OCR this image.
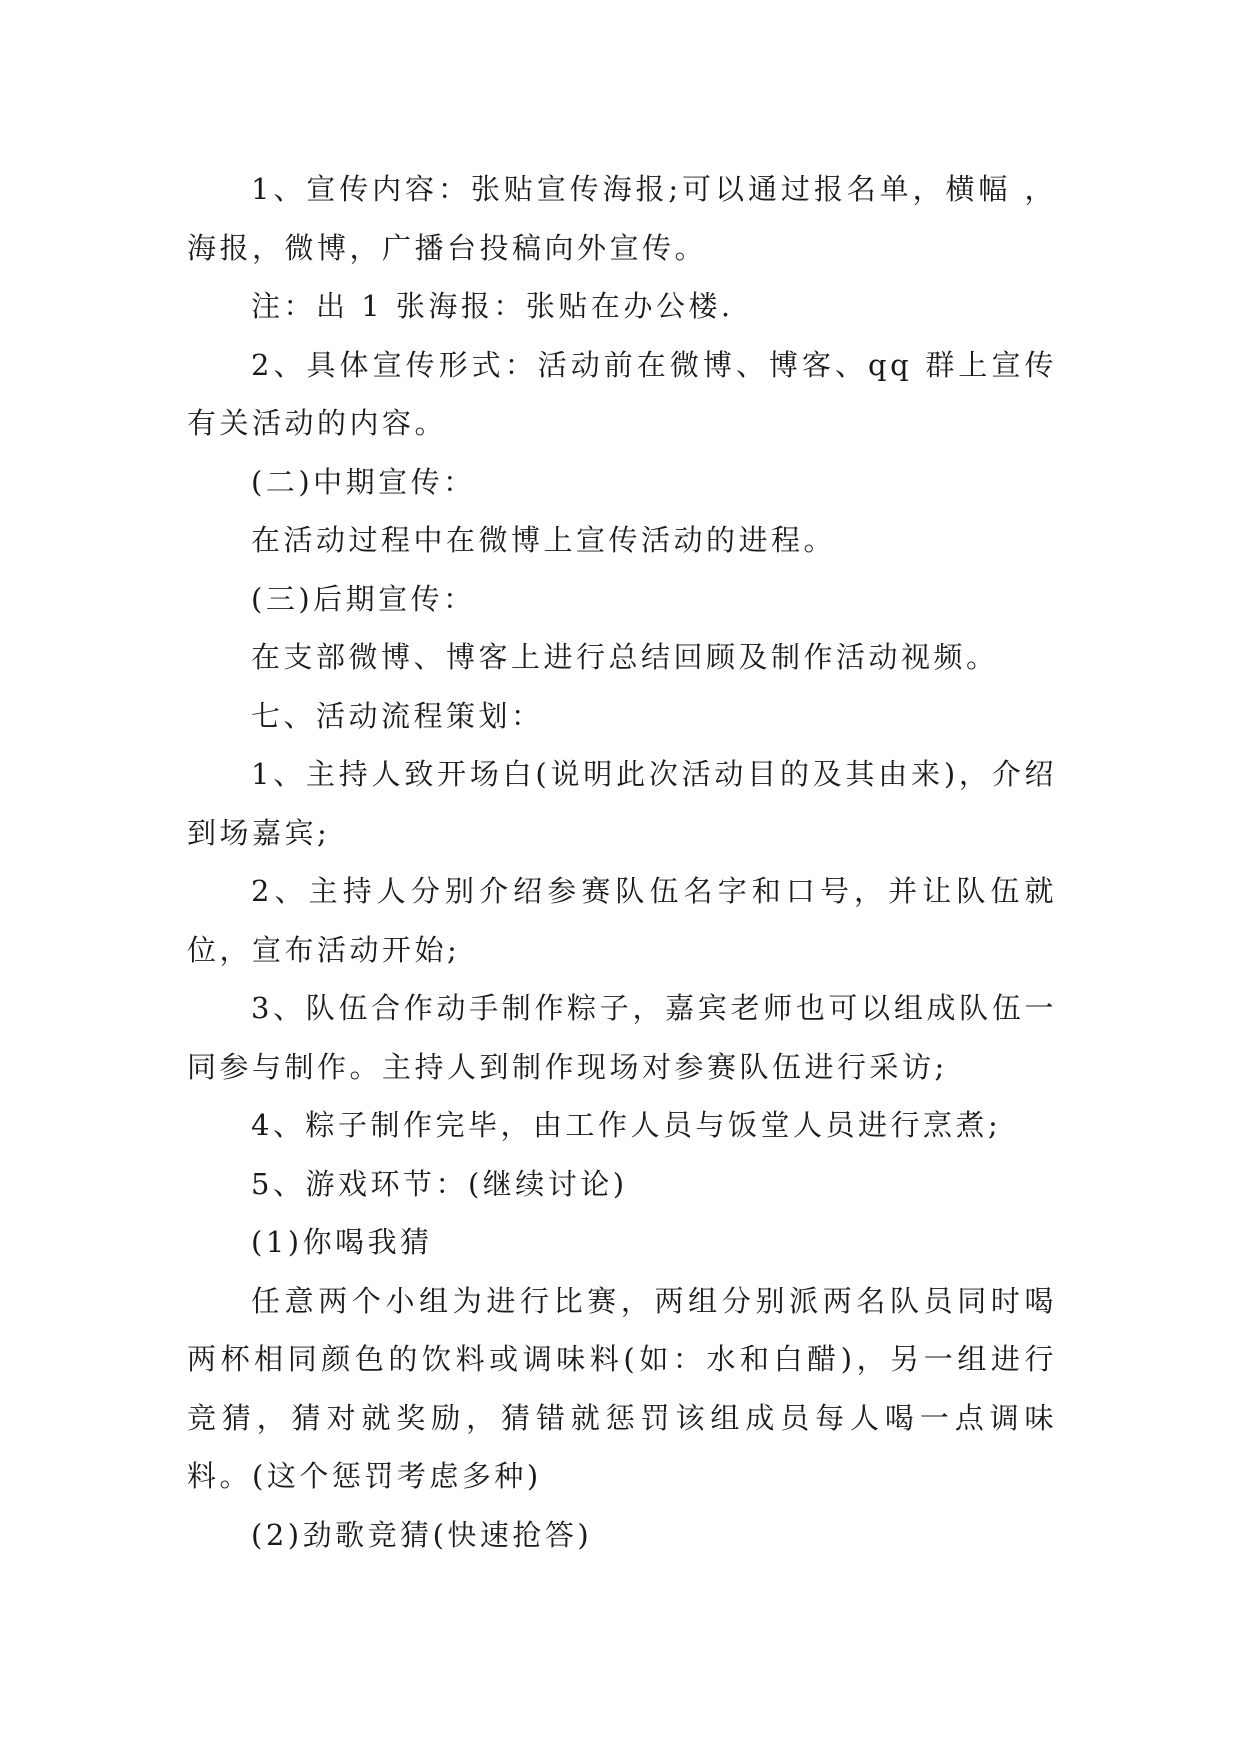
1、宣传内容：张贴宣传海报;可以通过报名单，横幅 ，海报，微博，广播台投稿向外宣传。

注：出 1 张海报：张贴在办公楼.

2、具体宣传形式：活动前在微博、博客、qq 群上宣传有关活动的内容。

(二)中期宣传：

在活动过程中在微博上宣传活动的进程。

(三)后期宣传：

在支部微博、博客上进行总结回顾及制作活动视频。

七、活动流程策划：

1、主持人致开场白(说明此次活动目的及其由来)，介绍到场嘉宾;

2、主持人分别介绍参赛队伍名字和口号，并让队伍就位，宣布活动开始;

3、队伍合作动手制作粽子，嘉宾老师也可以组成队伍一同参与制作。主持人到制作现场对参赛队伍进行采访;

4、粽子制作完毕，由工作人员与饭堂人员进行烹煮;

5、游戏环节：(继续讨论)

(1)你喝我猜

任意两个小组为进行比赛，两组分别派两名队员同时喝两杯相同颜色的饮料或调味料(如：水和白醋)，另一组进行竞猜，猜对就奖励，猜错就惩罚该组成员每人喝一点调味料。(这个惩罚考虑多种)

(2)劲歌竞猜(快速抢答)
